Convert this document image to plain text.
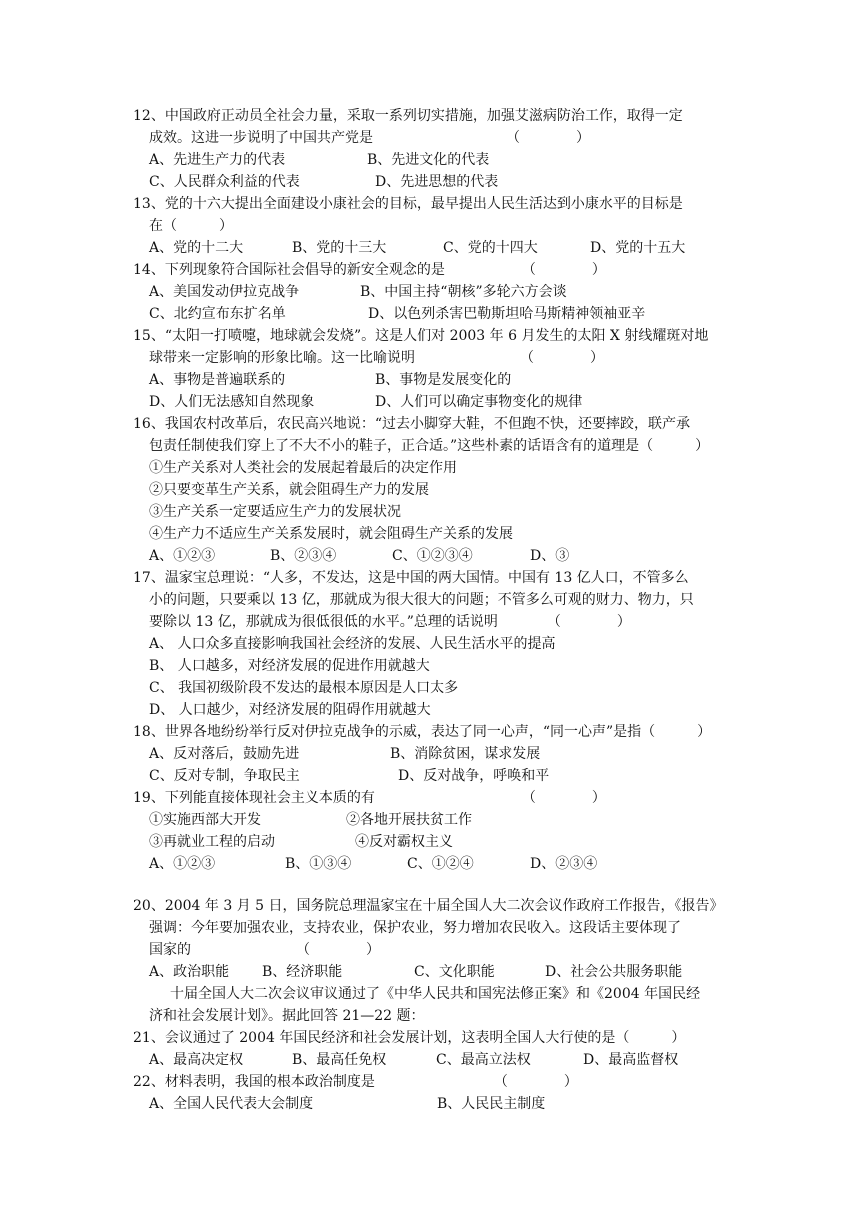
12、中国政府正动员全社会力量，采取一系列切实措施，加强艾滋病防治工作，取得一定
成效。这进一步说明了中国共产党是　　　　　　　　　　（　　　　）
A、先进生产力的代表	B、先进文化的代表
C、人民群众利益的代表	D、先进思想的代表
13、党的十六大提出全面建设小康社会的目标，最早提出人民生活达到小康水平的目标是
在（　　　）
A、党的十二大	B、党的十三大	C、党的十四大	D、党的十五大
14、下列现象符合国际社会倡导的新安全观念的是　　　　　　（　　　　）
A、美国发动伊拉克战争	B、中国主持“朝核”多轮六方会谈
C、北约宣布东扩名单	D、以色列杀害巴勒斯坦哈马斯精神领袖亚辛
15、“太阳一打喷嚏，地球就会发烧”。这是人们对 2003 年 6 月发生的太阳 X 射线耀斑对地
球带来一定影响的形象比喻。这一比喻说明　　　　　　　　（　　　　）
A、事物是普遍联系的	B、事物是发展变化的
D、人们无法感知自然现象	D、人们可以确定事物变化的规律
16、我国农村改革后，农民高兴地说：“过去小脚穿大鞋，不但跑不快，还要摔跤，联产承
包责任制使我们穿上了不大不小的鞋子，正合适。”这些朴素的话语含有的道理是（　　　）
①生产关系对人类社会的发展起着最后的决定作用
②只要变革生产关系，就会阻碍生产力的发展
③生产关系一定要适应生产力的发展状况
④生产力不适应生产关系发展时，就会阻碍生产关系的发展
A、①②③	B、②③④	C、①②③④	D、③
17、温家宝总理说：“人多，不发达，这是中国的两大国情。中国有 13 亿人口，不管多么
小的问题，只要乘以 13 亿，那就成为很大很大的问题；不管多么可观的财力、物力，只
要除以 13 亿，那就成为很低很低的水平。”总理的话说明　　　　（　　　　）
A、 人口众多直接影响我国社会经济的发展、人民生活水平的提高
B、 人口越多，对经济发展的促进作用就越大
C、 我国初级阶段不发达的最根本原因是人口太多
D、 人口越少，对经济发展的阻碍作用就越大
18、世界各地纷纷举行反对伊拉克战争的示威，表达了同一心声，“同一心声”是指（　　　）
A、反对落后，鼓励先进	B、消除贫困，谋求发展
C、反对专制，争取民主	D、反对战争，呼唤和平
19、下列能直接体现社会主义本质的有　　　　　　　　　　　（　　　　）
①实施西部大开发	②各地开展扶贫工作
③再就业工程的启动	④反对霸权主义
A、①②③	B、①③④	C、①②④	D、②③④
20、2004 年 3 月 5 日，国务院总理温家宝在十届全国人大二次会议作政府工作报告，《报告》
强调：今年要加强农业，支持农业，保护农业，努力增加农民收入。这段话主要体现了
国家的　　　　　　　　（　　　　）
A、政治职能 B、经济职能	C、文化职能	D、社会公共服务职能
十届全国人大二次会议审议通过了《中华人民共和国宪法修正案》和《2004 年国民经
济和社会发展计划》。据此回答 21—22 题：
21、会议通过了 2004 年国民经济和社会发展计划，这表明全国人大行使的是（　　　）
A、最高决定权	B、最高任免权	C、最高立法权	D、最高监督权
22、材料表明，我国的根本政治制度是　　　　　　　　　（　　　　）
A、全国人民代表大会制度	B、人民民主制度
